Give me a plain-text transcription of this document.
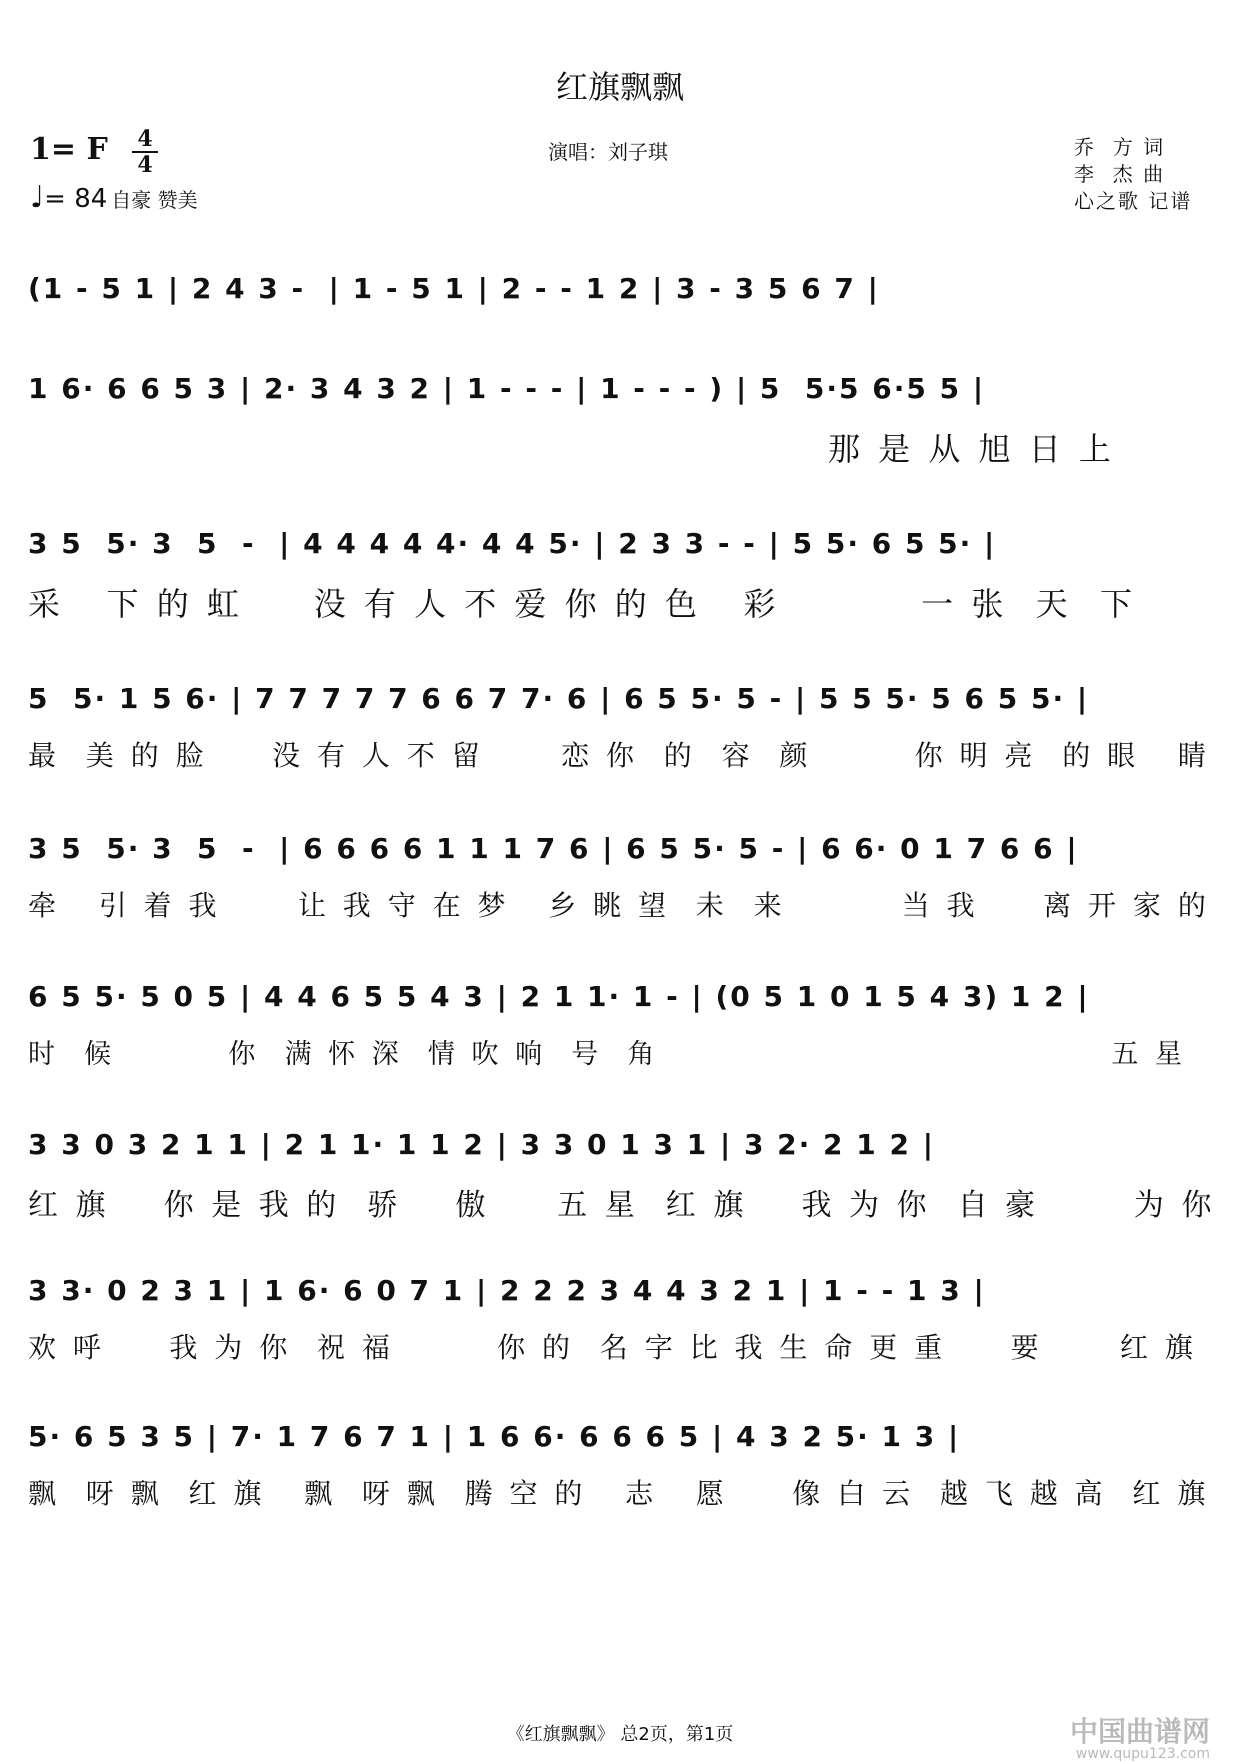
红旗飘飘
1= F 4
4
♩= 84 自豪 赞美
演唱：刘子琪	乔  方 词
李  杰 曲
心之歌 记谱
(1 - 5 1 | 2 4 3 -  | 1 - 5 1 | 2 - - 1 2 | 3 - 3 5 6 7 |
1 6· 6 6 5 3 | 2· 3 4 3 2 | 1 - - - | 1 - - - ) | 5  5·5 6·5 5 |
那 是 从 旭 日 上
3 5  5· 3  5  -  | 4 4 4 4 4· 4 4 5· | 2 3 3 - - | 5 5· 6 5 5· |
采   下 的 虹     没 有 人 不 爱 你 的 色   彩          一 张  天  下
5  5· 1 5 6· | 7 7 7 7 7 6 6 7 7· 6 | 6 5 5· 5 - | 5 5 5· 5 6 5 5· |
最  美 的 脸     没 有 人 不 留      恋 你  的  容  颜        你 明 亮  的 眼   睛
3 5  5· 3  5  -  | 6 6 6 6 1 1 1 7 6 | 6 5 5· 5 - | 6 6· 0 1 7 6 6 |
牵   引 着 我      让 我 守 在 梦   乡 眺 望  未  来         当 我     离 开 家 的
6 5 5· 5 0 5 | 4 4 6 5 5 4 3 | 2 1 1· 1 - | (0 5 1 0 1 5 4 3) 1 2 |
时  候         你  满 怀 深  情 吹 响  号  角                                    五 星
3 3 0 3 2 1 1 | 2 1 1· 1 1 2 | 3 3 0 1 3 1 | 3 2· 2 1 2 |
红 旗    你 是 我 的  骄    傲     五 星  红 旗    我 为 你  自 豪       为 你
3 3· 0 2 3 1 | 1 6· 6 0 7 1 | 2 2 2 3 4 4 3 2 1 | 1 - - 1 3 |
欢 呼     我 为 你  祝 福        你 的  名 字 比 我 生 命 更 重     要      红 旗
5· 6 5 3 5 | 7· 1 7 6 7 1 | 1 6 6· 6 6 6 5 | 4 3 2 5· 1 3 |
飘  呀 飘  红 旗   飘  呀 飘  腾 空 的   志   愿     像 白 云  越 飞 越 高  红 旗
《红旗飘飘》 总2页，第1页	中国曲谱网
www.qupu123.com
